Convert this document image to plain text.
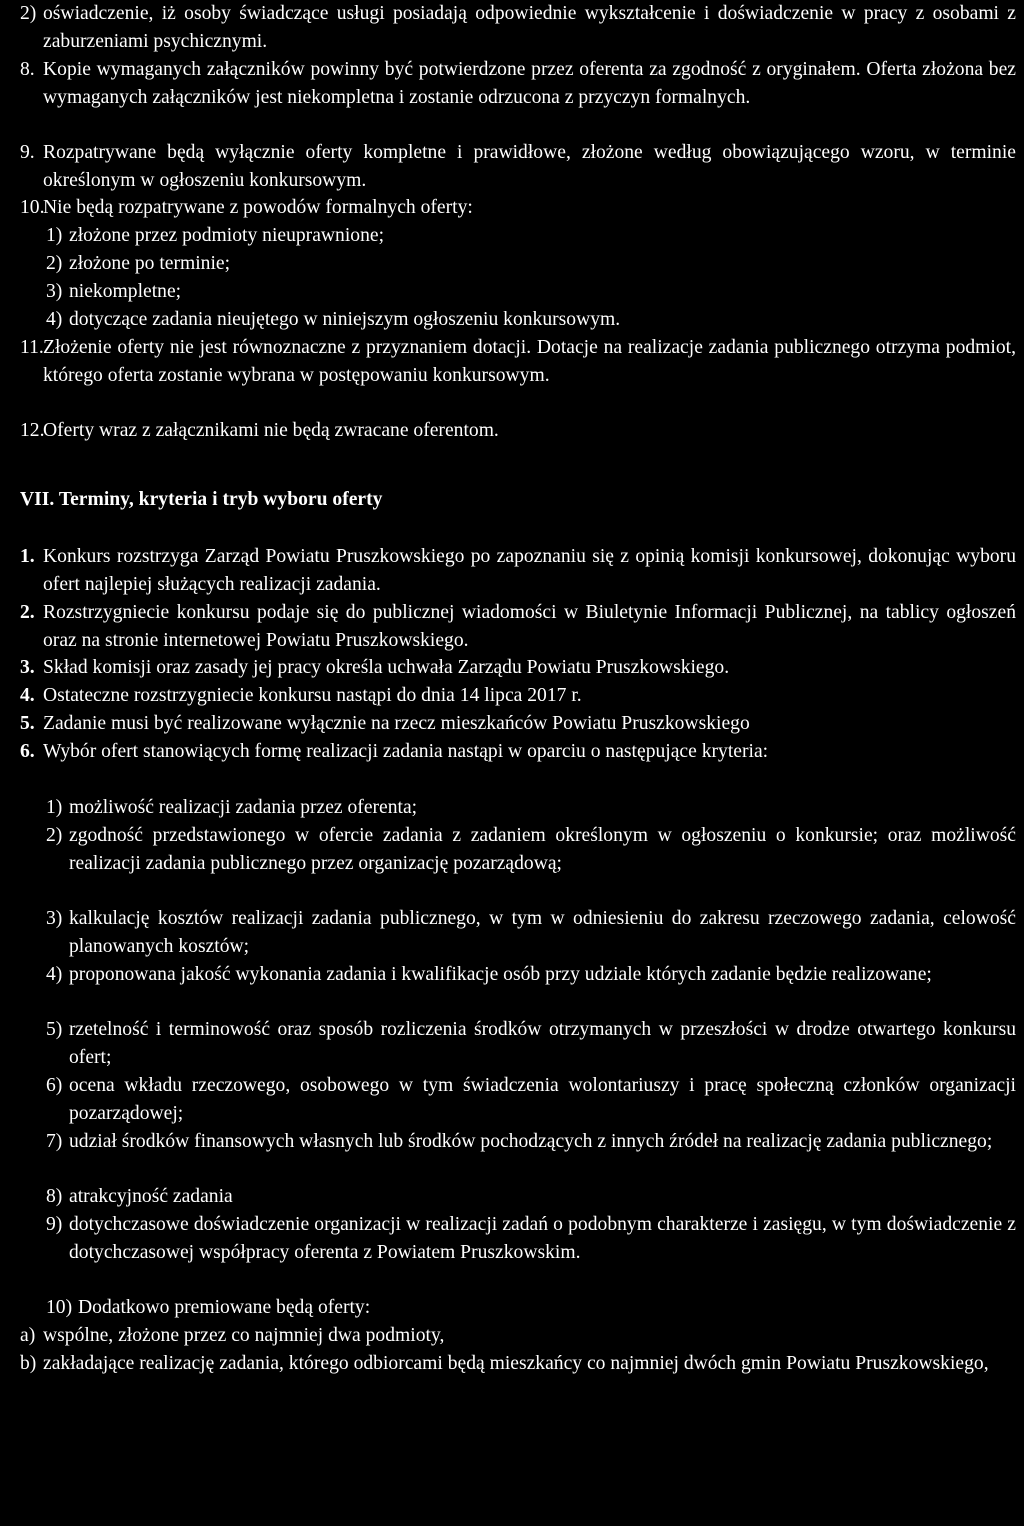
2) oświadczenie, iż osoby świadczące usługi posiadają odpowiednie wykształcenie i doświadczenie w pracy z osobami z zaburzeniami psychicznymi.
8. Kopie wymaganych załączników powinny być potwierdzone przez oferenta za zgodność z oryginałem. Oferta złożona bez wymaganych załączników jest niekompletna i zostanie odrzucona z przyczyn formalnych.
9. Rozpatrywane będą wyłącznie oferty kompletne i prawidłowe, złożone według obowiązującego wzoru, w terminie określonym w ogłoszeniu konkursowym.
10.
Nie będą rozpatrywane z powodów formalnych oferty:
1) złożone przez podmioty nieuprawnione;
2) złożone po terminie;
3) niekompletne;
4) dotyczące zadania nieujętego w niniejszym ogłoszeniu konkursowym.
11. Złożenie oferty nie jest równoznaczne z przyznaniem dotacji. Dotacje na realizacje zadania publicznego otrzyma podmiot, którego oferta zostanie wybrana w postępowaniu konkursowym.
12.
Oferty wraz z załącznikami nie będą zwracane oferentom.
VII. Terminy, kryteria i tryb wyboru oferty
1. Konkurs rozstrzyga Zarząd Powiatu Pruszkowskiego po zapoznaniu się z opinią komisji konkursowej, dokonując wyboru ofert najlepiej służących realizacji zadania.
2. Rozstrzygniecie konkursu podaje się do publicznej wiadomości w Biuletynie Informacji Publicznej, na tablicy ogłoszeń oraz na stronie internetowej Powiatu Pruszkowskiego.
3. Skład komisji oraz zasady jej pracy określa uchwała Zarządu Powiatu Pruszkowskiego.
4. Ostateczne rozstrzygniecie konkursu nastąpi do dnia 14 lipca 2017 r.
5. Zadanie musi być realizowane wyłącznie na rzecz mieszkańców Powiatu Pruszkowskiego
6. Wybór ofert stanowiących formę realizacji zadania nastąpi w oparciu o następujące kryteria:
1) możliwość realizacji zadania przez oferenta;
2) zgodność przedstawionego w ofercie zadania z zadaniem określonym w ogłoszeniu o konkursie; oraz możliwość realizacji zadania publicznego przez organizację pozarządową;
3) kalkulację kosztów realizacji zadania publicznego, w tym w odniesieniu do zakresu rzeczowego zadania, celowość planowanych kosztów;
4) proponowana jakość wykonania zadania i kwalifikacje osób przy udziale których zadanie będzie realizowane;
5) rzetelność i terminowość oraz sposób rozliczenia środków otrzymanych w przeszłości w drodze otwartego konkursu ofert;
6) ocena wkładu rzeczowego, osobowego w tym świadczenia wolontariuszy i pracę społeczną członków organizacji pozarządowej;
7) udział środków finansowych własnych lub środków pochodzących z innych źródeł na realizację zadania publicznego;
8) atrakcyjność zadania
9) dotychczasowe doświadczenie organizacji w realizacji zadań o podobnym charakterze i zasięgu, w tym doświadczenie z dotychczasowej współpracy oferenta z Powiatem Pruszkowskim.
10) Dodatkowo premiowane będą oferty:
a) wspólne, złożone przez co najmniej dwa podmioty,
b) zakładające realizację zadania, którego odbiorcami będą mieszkańcy co najmniej dwóch gmin Powiatu Pruszkowskiego,
